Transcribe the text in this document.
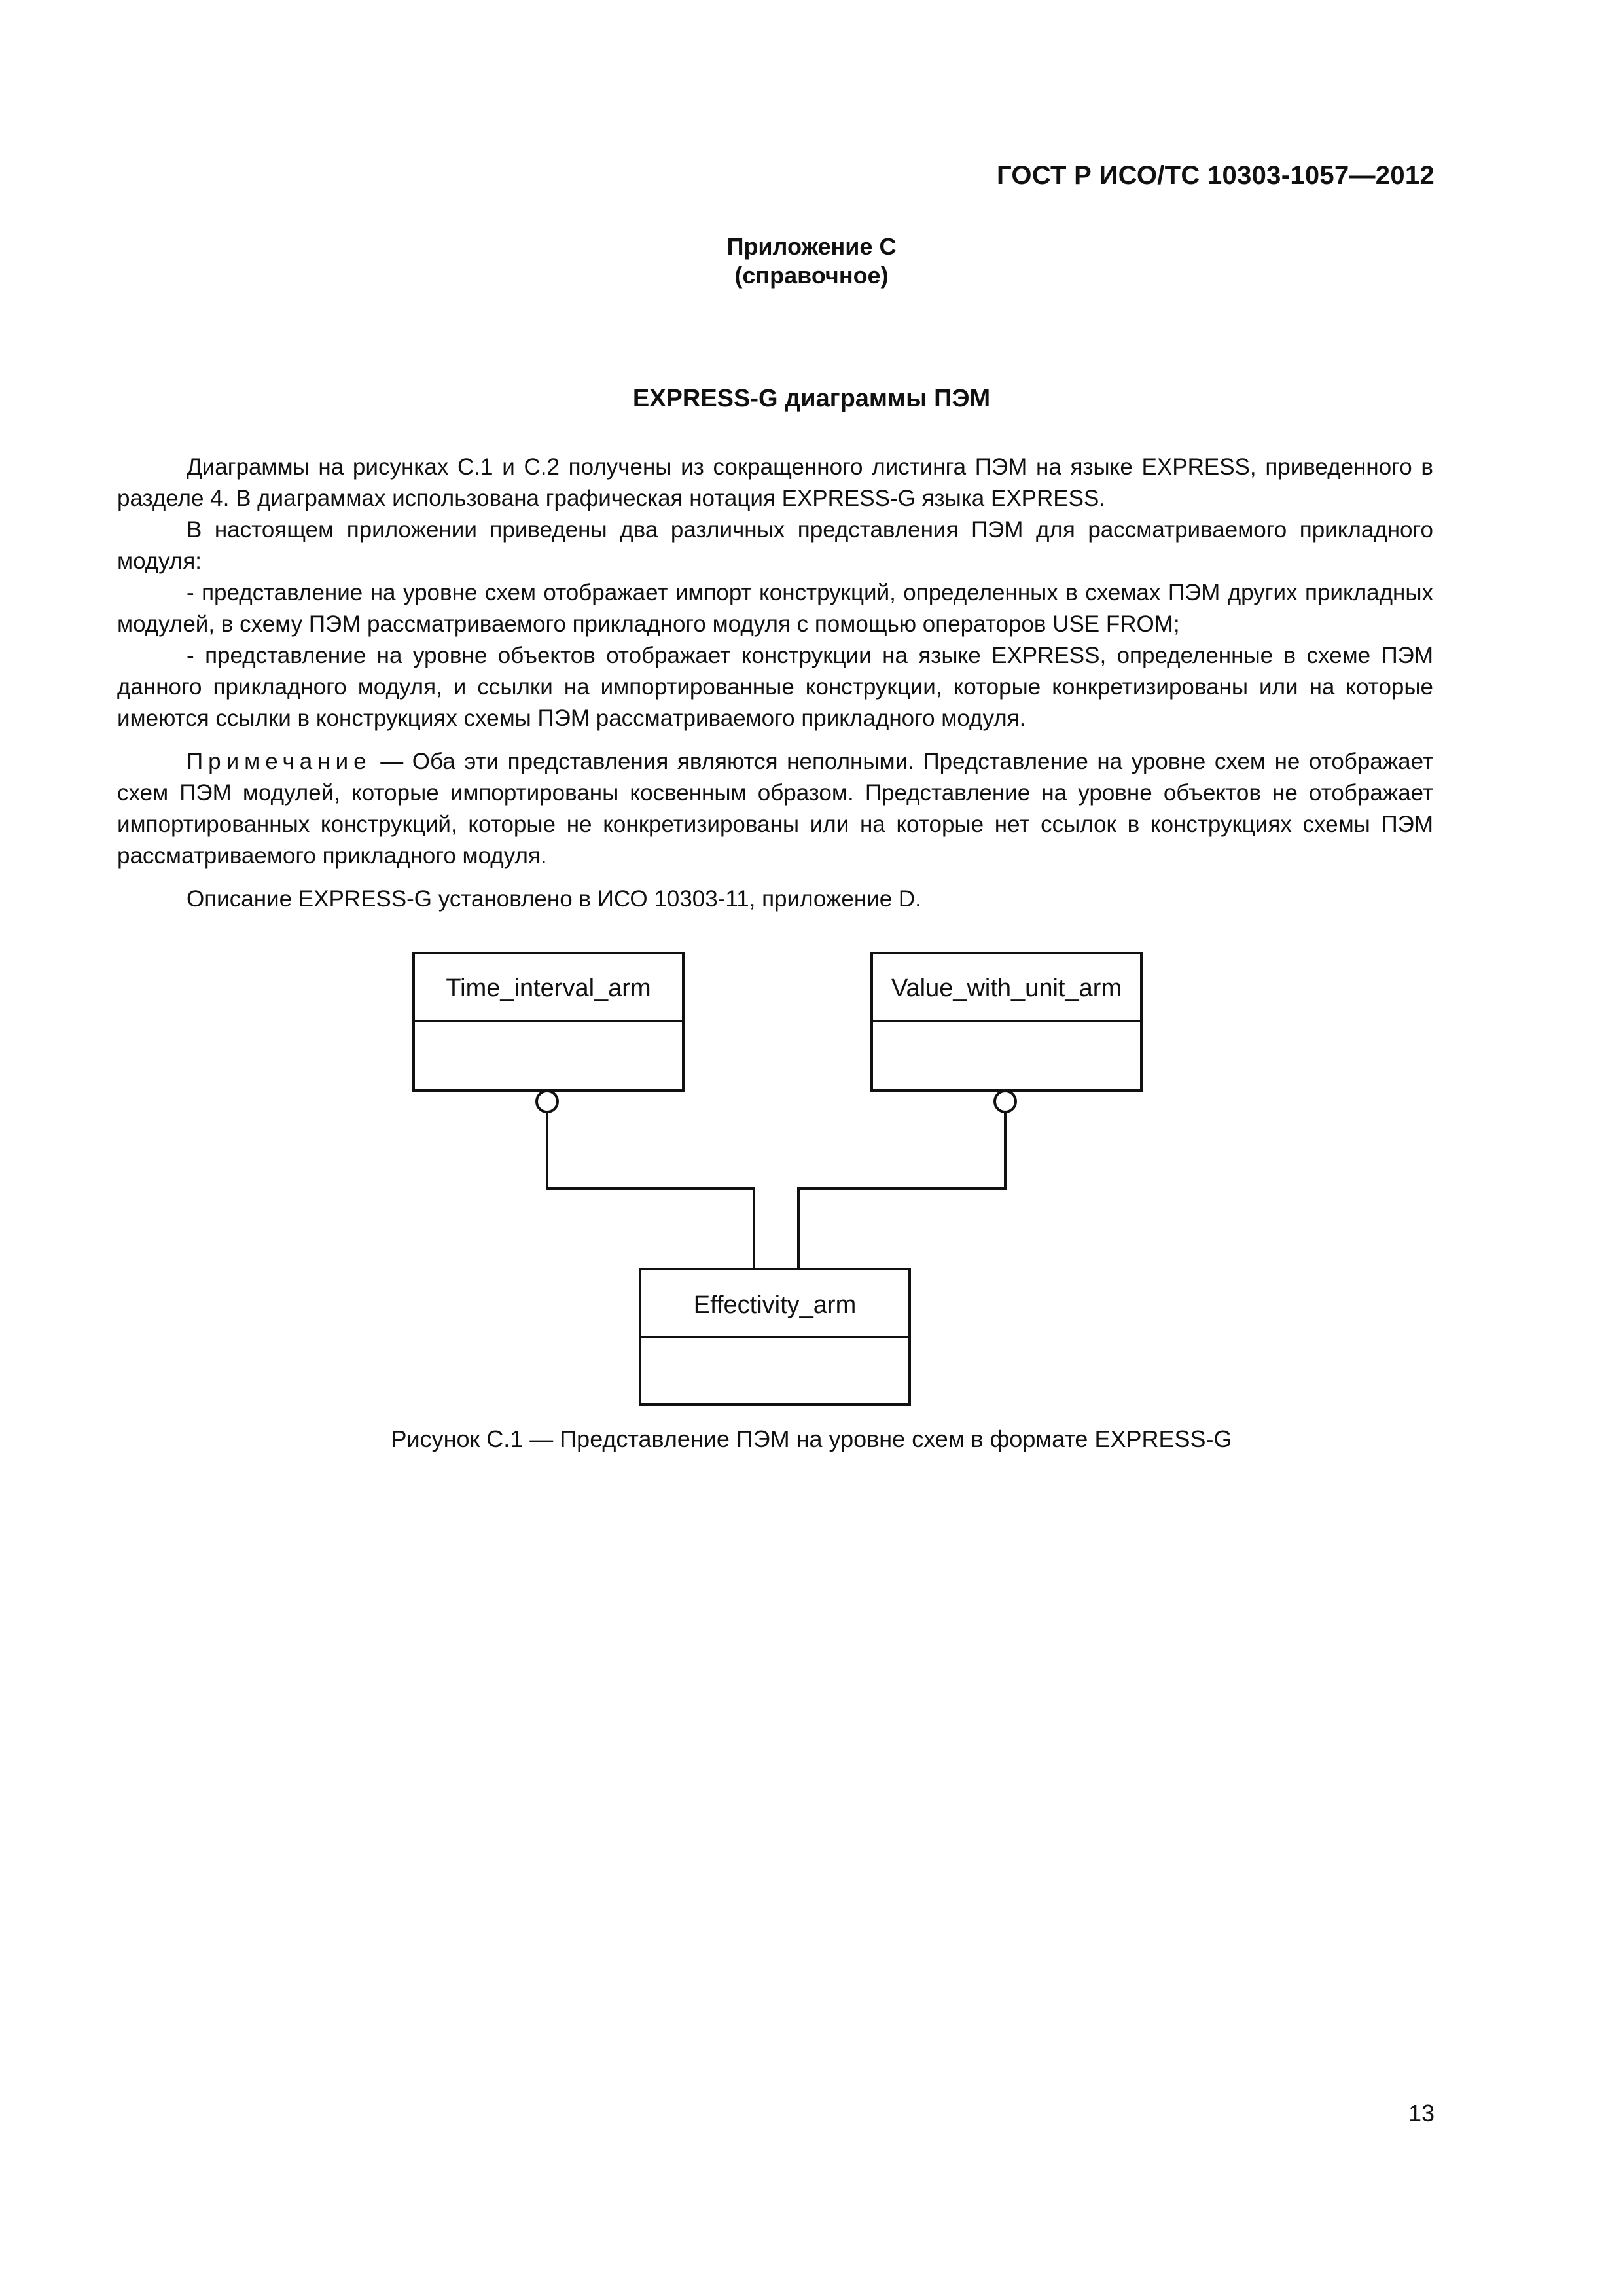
ГОСТ Р ИСО/ТС 10303-1057—2012
Приложение С
(справочное)
EXPRESS-G диаграммы ПЭМ

Диаграммы на рисунках С.1 и С.2 получены из сокращенного листинга ПЭМ на языке EXPRESS, приведенного в разделе 4. В диаграммах использована графическая нотация EXPRESS-G языка EXPRESS.

В настоящем приложении приведены два различных представления ПЭМ для рассматриваемого прикладного модуля:

- представление на уровне схем отображает импорт конструкций, определенных в схемах ПЭМ других прикладных модулей, в схему ПЭМ рассматриваемого прикладного модуля с помощью операторов USE FROM;

- представление на уровне объектов отображает конструкции на языке EXPRESS, определенные в схеме ПЭМ данного прикладного модуля, и ссылки на импортированные конструкции, которые конкретизированы или на которые имеются ссылки в конструкциях схемы ПЭМ рассматриваемого прикладного модуля.

Примечание — Оба эти представления являются неполными. Представление на уровне схем не отображает схем ПЭМ модулей, которые импортированы косвенным образом. Представление на уровне объектов не отображает импортированных конструкций, которые не конкретизированы или на которые нет ссылок в конструкциях схемы ПЭМ рассматриваемого прикладного модуля.

Описание EXPRESS-G установлено в ИСО 10303-11, приложение D.

Time_interval_arm	Value_with_unit_arm
Effectivity_arm
Рисунок С.1 — Представление ПЭМ на уровне схем в формате EXPRESS-G
13
